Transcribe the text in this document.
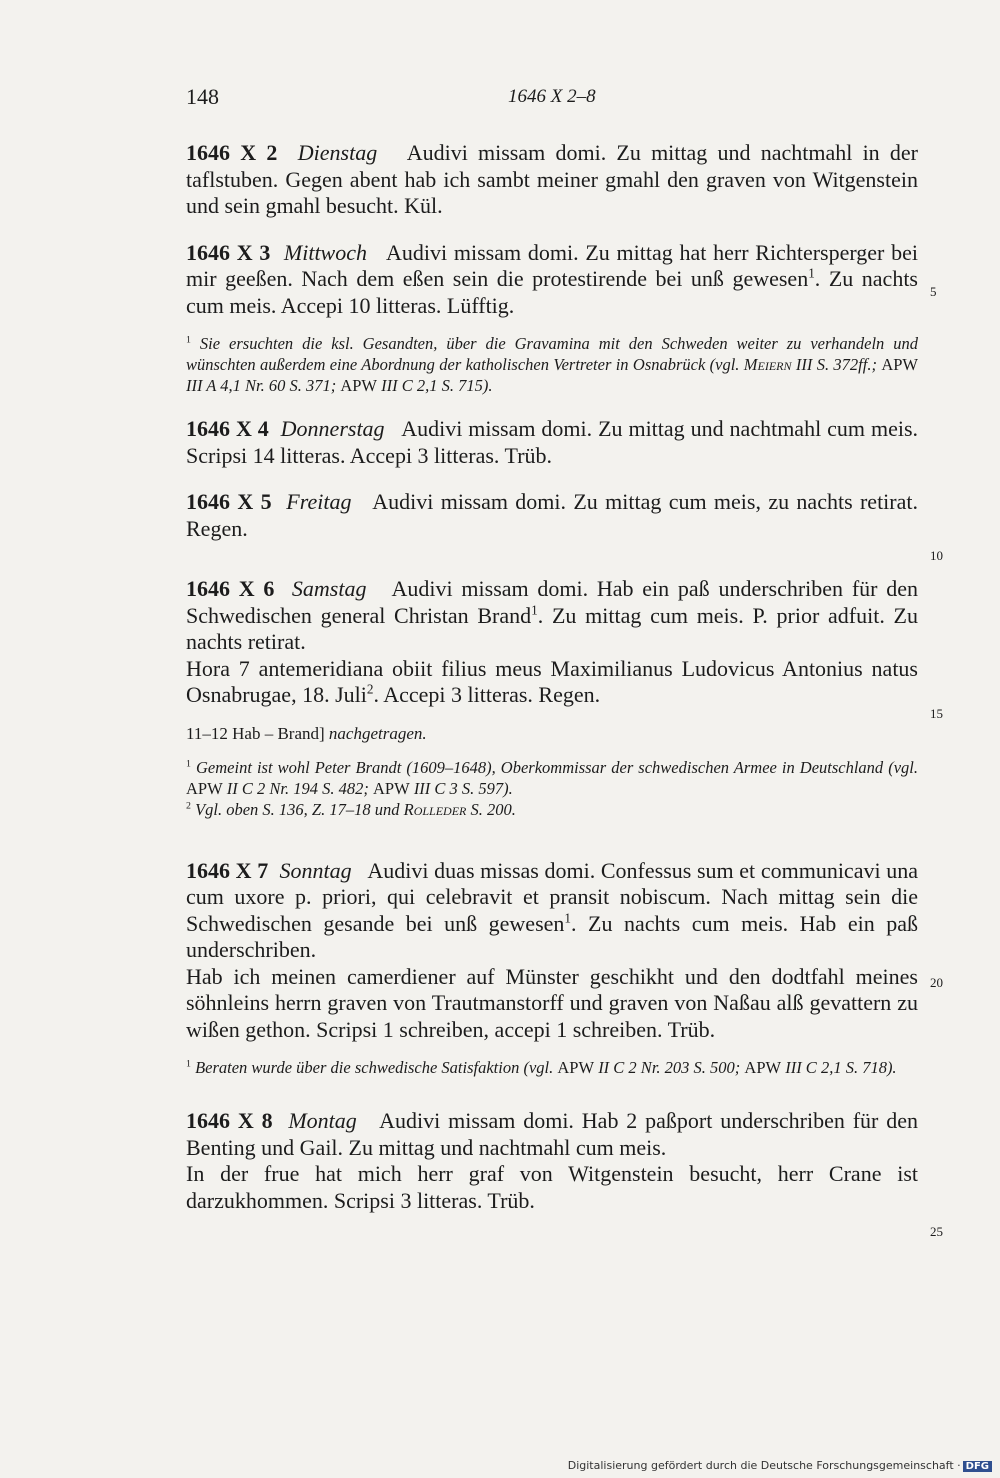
148	1646 X 2–8

1646 X 2 Dienstag Audivi missam domi. Zu mittag und nachtmahl in der taflstuben. Gegen abent hab ich sambt meiner gmahl den graven von Witgenstein und sein gmahl besucht. Kül.

1646 X 3 Mittwoch Audivi missam domi. Zu mittag hat herr Richtersperger bei mir geeßen. Nach dem eßen sein die protestirende bei unß gewesen$^1$. Zu nachts cum meis. Accepi 10 litteras. Lüfftig.

$^1$ Sie ersuchten die ksl. Gesandten, über die Gravamina mit den Schweden weiter zu verhandeln und wünschten außerdem eine Abordnung der katholischen Vertreter in Osnabrück (vgl. Meiern III S. 372ff.; APW III A 4,1 Nr. 60 S. 371; APW III C 2,1 S. 715).

1646 X 4 Donnerstag Audivi missam domi. Zu mittag und nachtmahl cum meis. Scripsi 14 litteras. Accepi 3 litteras. Trüb.

1646 X 5 Freitag Audivi missam domi. Zu mittag cum meis, zu nachts retirat. Regen.

1646 X 6 Samstag Audivi missam domi. Hab ein paß underschriben für den Schwedischen general Christan Brand$^1$. Zu mittag cum meis. P. prior adfuit. Zu nachts retirat.

Hora 7 antemeridiana obiit filius meus Maximilianus Ludovicus Antonius natus Osnabrugae, 18. Juli$^2$. Accepi 3 litteras. Regen.

11–12 Hab – Brand] nachgetragen.

$^1$ Gemeint ist wohl Peter Brandt (1609–1648), Oberkommissar der schwedischen Armee in Deutschland (vgl. APW II C 2 Nr. 194 S. 482; APW III C 3 S. 597).

$^2$ Vgl. oben S. 136, Z. 17–18 und Rolleder S. 200.

1646 X 7 Sonntag Audivi duas missas domi. Confessus sum et communicavi una cum uxore p. priori, qui celebravit et pransit nobiscum. Nach mittag sein die Schwedischen gesande bei unß gewesen$^1$. Zu nachts cum meis. Hab ein paß underschriben.

Hab ich meinen camerdiener auf Münster geschikht und den dodtfahl meines söhnleins herrn graven von Trautmanstorff und graven von Naßau alß gevattern zu wißen gethon. Scripsi 1 schreiben, accepi 1 schreiben. Trüb.

$^1$ Beraten wurde über die schwedische Satisfaktion (vgl. APW II C 2 Nr. 203 S. 500; APW III C 2,1 S. 718).

1646 X 8 Montag Audivi missam domi. Hab 2 paßport underschriben für den Benting und Gail. Zu mittag und nachtmahl cum meis.

In der frue hat mich herr graf von Witgenstein besucht, herr Crane ist darzukhommen. Scripsi 3 litteras. Trüb.

5
10
15
20
25
Digitalisierung gefördert durch die Deutsche Forschungsgemeinschaft · DFG
